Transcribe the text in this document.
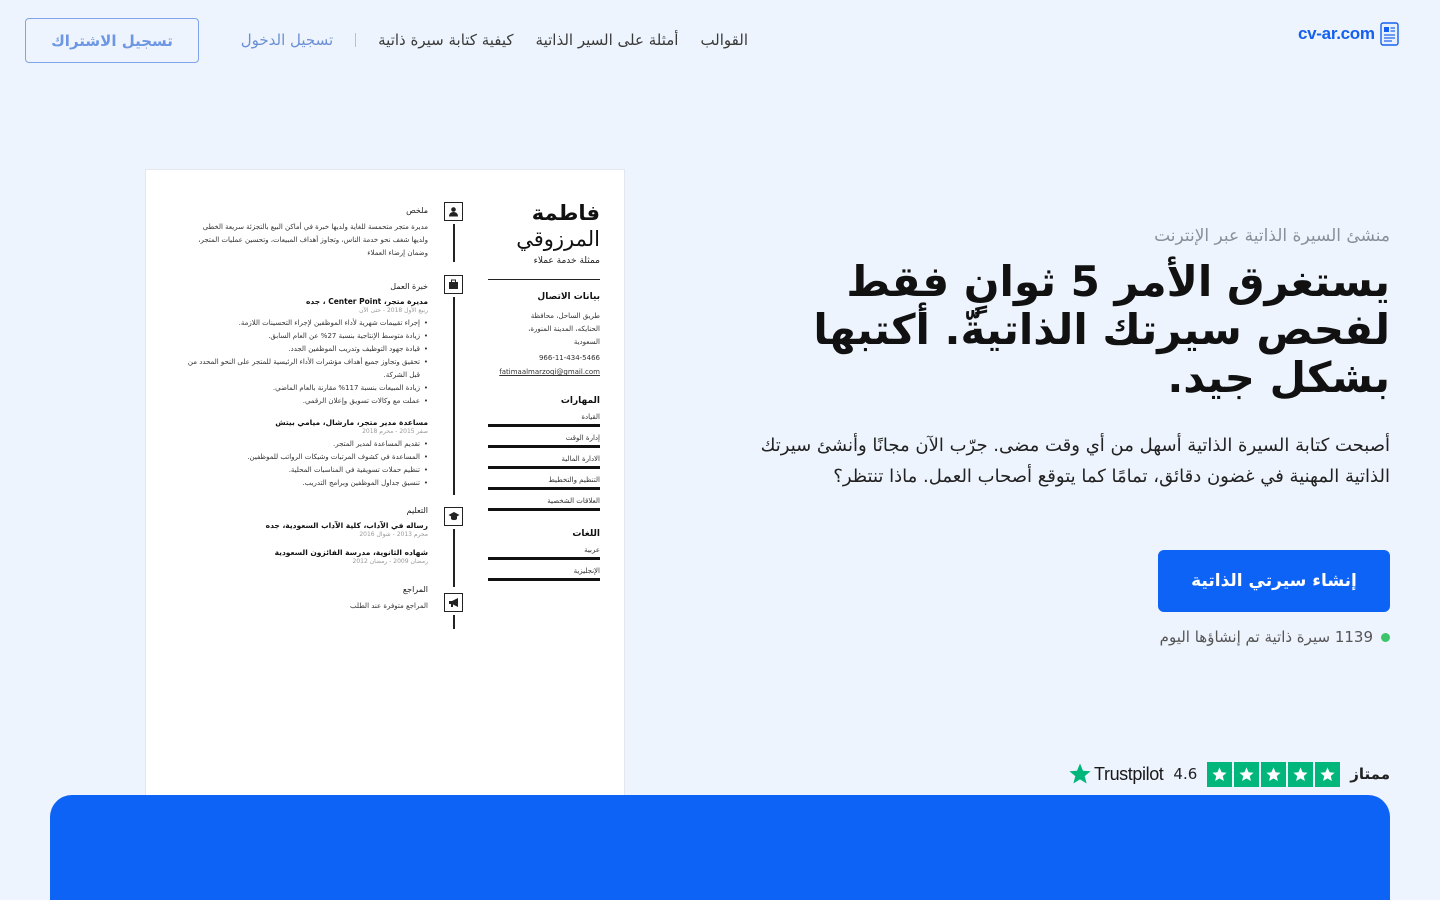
cv-ar.com
القوالب
أمثلة على السير الذاتية
كيفية كتابة سيرة ذاتية
تسجيل الدخول
تسجيل الاشتراك
فاطمة
المرزوقي
ممثلة خدمة عملاء
بيانات الاتصال
طريق الساحل، محافظة
الحنايكه، المدينة المنورة،
السعودية
966-11-434-5466
fatimaalmarzoqi@gmail.com
المهارات
القيادة
إدارة الوقت
الادارة المالية
التنظيم والتخطيط
العلاقات الشخصية
اللغات
عربية
الإنجليزية
ملخص
مديرة متجر متحمسة للغاية ولديها خبرة في أماكن البيع بالتجزئة سريعة الخطى ولديها شغف نحو خدمة الناس، وتجاوز أهداف المبيعات، وتحسين عمليات المتجر، وضمان إرضاء العملاء
خبرة العمل
مديرة متجر، Center Point ، جده
ربيع الأول 2018 - حتى الآن
• إجراء تقييمات شهرية لأداء الموظفين لإجراء التحسينات اللازمة.
• زيادة متوسط الإنتاجية بنسبة 27% عن العام السابق.
• قيادة جهود التوظيف وتدريب الموظفين الجدد.
• تحقيق وتجاوز جميع أهداف مؤشرات الأداء الرئيسية للمتجر على النحو المحدد من قبل الشركة.
• زيادة المبيعات بنسبة 117% مقارنة بالعام الماضي.
• عملت مع وكالات تسويق وإعلان الرقمي.
مساعدة مدير متجر، مارشال، ميامي بيتش
صفر 2015 - محرم 2018
• تقديم المساعدة لمدير المتجر.
• المساعدة في كشوف المرتبات وشيكات الرواتب للموظفين.
• تنظيم حملات تسويقية في المناسبات المحلية.
• تنسيق جداول الموظفين وبرامج التدريب.
التعليم
رساله في الآداب، كلية الآداب السعودية، جده
محرم 2013 - شوال 2016
شهاده الثانوية، مدرسة الفائزون السعودية
رمضان 2009 - رمضان 2012
المراجع
المراجع متوفرة عند الطلب
منشئ السيرة الذاتية عبر الإنترنت
يستغرق الأمر 5 ثوانٍ فقط لفحص سيرتك الذاتيةّ. أكتبها بشكل جيد.

أصبحت كتابة السيرة الذاتية أسهل من أي وقت مضى. جرّب الآن مجانًا وأنشئ سيرتك الذاتية المهنية في غضون دقائق، تمامًا كما يتوقع أصحاب العمل. ماذا تنتظر؟

إنشاء سيرتي الذاتية
1139 سيرة ذاتية تم إنشاؤها اليوم
ممتاز
4.6
Trustpilot
